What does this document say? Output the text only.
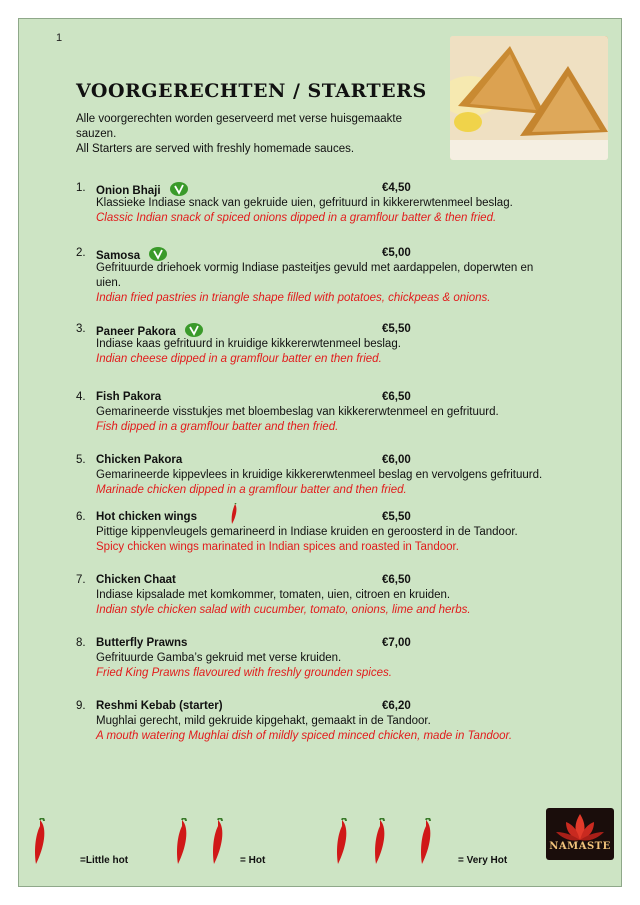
1
VOORGERECHTEN / STARTERS
Alle voorgerechten worden geserveerd met verse huisgemaakte
sauzen.
All Starters are served with freshly homemade sauces.
1. Onion Bhaji	€4,50
Klassieke Indiase snack van gekruide uien, gefrituurd in kikkererwtenmeel beslag.
Classic Indian snack of spiced onions dipped in a gramflour batter & then fried.
2. Samosa	€5,00
Gefrituurde driehoek vormig Indiase pasteitjes gevuld met aardappelen, doperwten en
uien.
Indian fried pastries in triangle shape filled with potatoes, chickpeas & onions.
3. Paneer Pakora	€5,50
Indiase kaas gefrituurd in kruidige kikkererwtenmeel beslag.
Indian cheese dipped in a gramflour batter en then fried.
4. Fish Pakora	€6,50
Gemarineerde visstukjes met bloembeslag van kikkererwtenmeel en gefrituurd.
Fish dipped in a gramflour batter and then fried.
5. Chicken Pakora	€6,00
Gemarineerde kippevlees in kruidige kikkererwtenmeel beslag en vervolgens gefrituurd.
Marinade chicken dipped in a gramflour batter and then fried.
6. Hot chicken wings	€5,50
Pittige kippenvleugels gemarineerd in Indiase kruiden en geroosterd in de Tandoor.
Spicy chicken wings marinated in Indian spices and roasted in Tandoor.
7. Chicken Chaat	€6,50
Indiase kipsalade met komkommer, tomaten, uien, citroen en kruiden.
Indian style chicken salad with cucumber, tomato, onions, lime and herbs.
8. Butterfly Prawns	€7,00
Gefrituurde Gamba’s gekruid met verse kruiden.
Fried King Prawns flavoured with freshly grounden spices.
9. Reshmi Kebab (starter)	€6,20
Mughlai gerecht, mild gekruide kipgehakt, gemaakt in de Tandoor.
A mouth watering Mughlai dish of mildly spiced minced chicken, made in Tandoor.
=Little hot	= Hot	= Very Hot
NAMASTE
